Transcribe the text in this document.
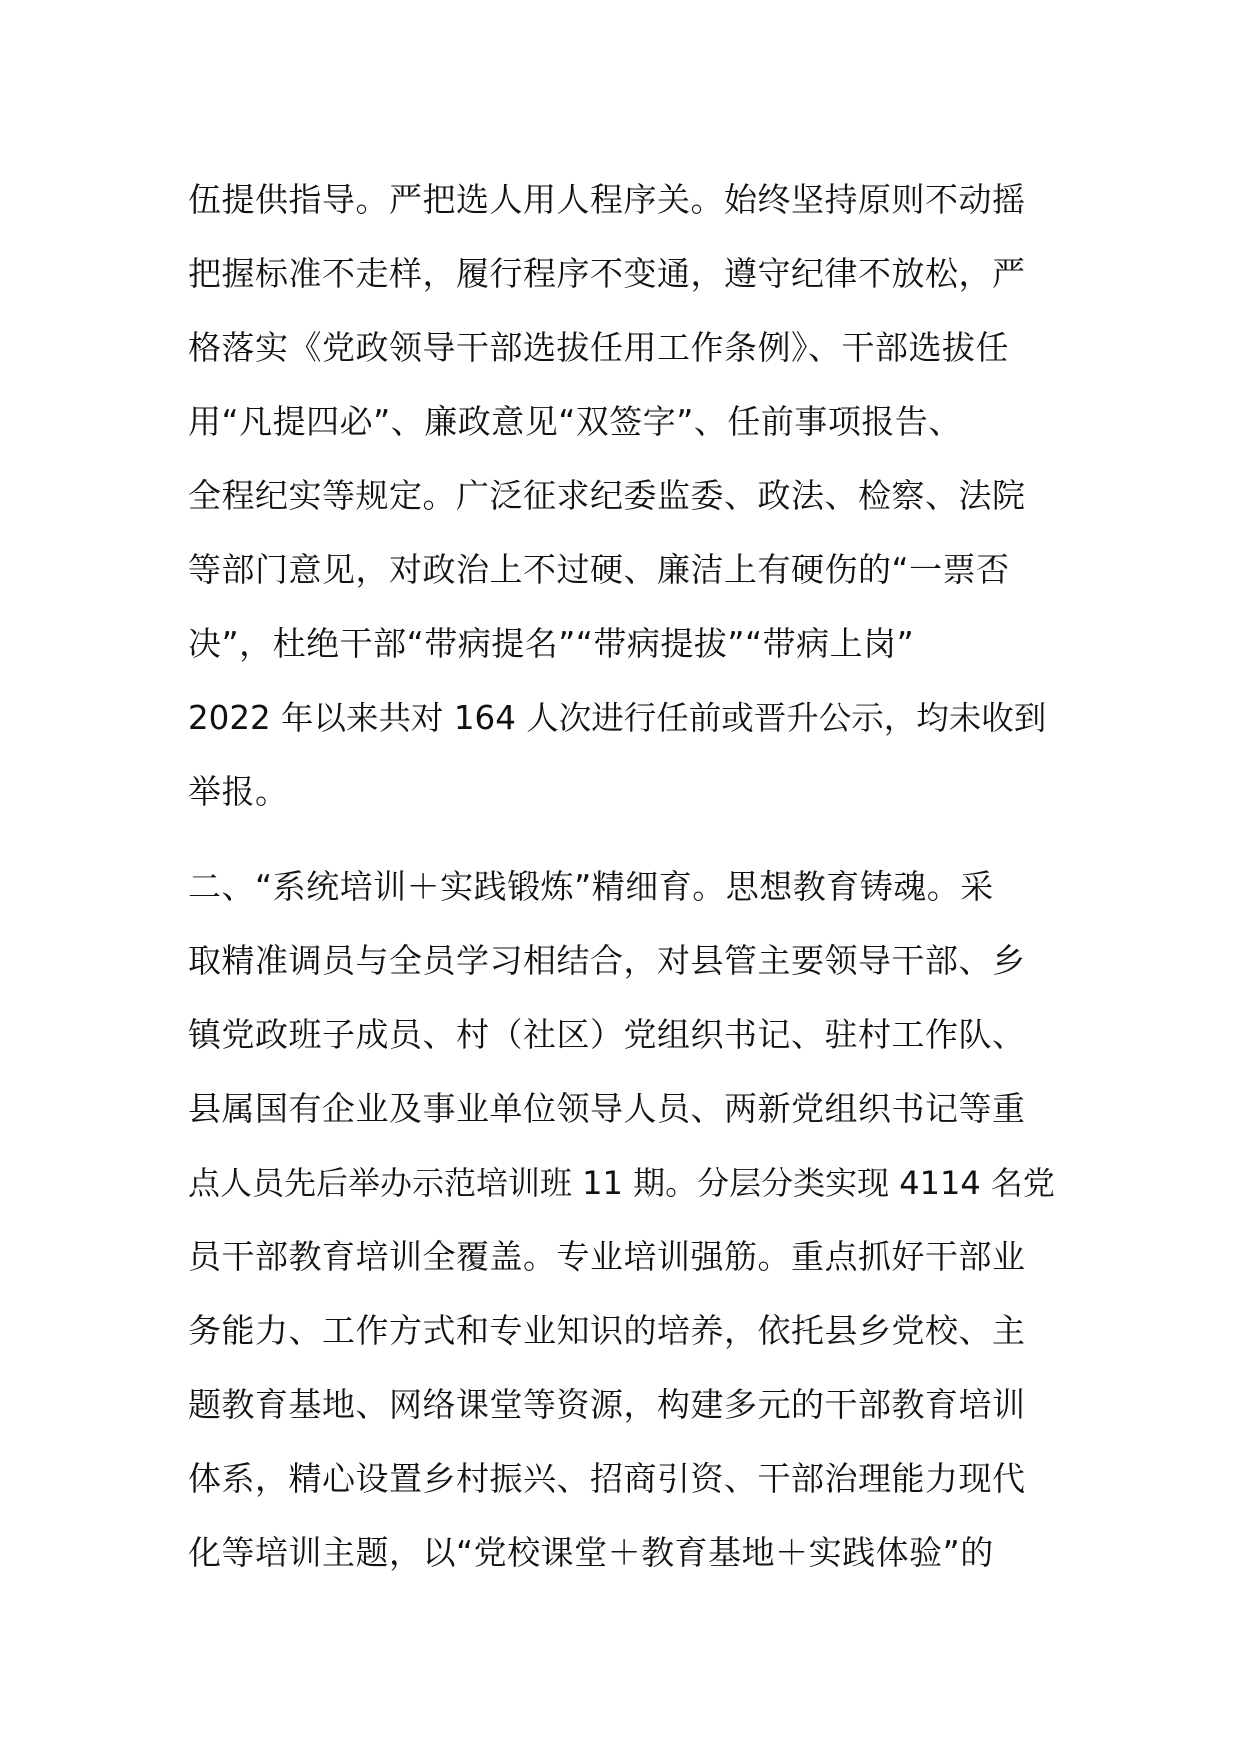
伍提供指导。严把选人用人程序关。始终坚持原则不动摇
把握标准不走样，履行程序不变通，遵守纪律不放松，严
格落实《党政领导干部选拔任用工作条例》、干部选拔任
用“凡提四必”、廉政意见“双签字”、任前事项报告、
全程纪实等规定。广泛征求纪委监委、政法、检察、法院
等部门意见，对政治上不过硬、廉洁上有硬伤的“一票否
决”，杜绝干部“带病提名”“带病提拔”“带病上岗”
2022 年以来共对 164 人次进行任前或晋升公示，均未收到
举报。
二、“系统培训＋实践锻炼”精细育。思想教育铸魂。采
取精准调员与全员学习相结合，对县管主要领导干部、乡
镇党政班子成员、村（社区）党组织书记、驻村工作队、
县属国有企业及事业单位领导人员、两新党组织书记等重
点人员先后举办示范培训班 11 期。分层分类实现 4114 名党
员干部教育培训全覆盖。专业培训强筋。重点抓好干部业
务能力、工作方式和专业知识的培养，依托县乡党校、主
题教育基地、网络课堂等资源，构建多元的干部教育培训
体系，精心设置乡村振兴、招商引资、干部治理能力现代
化等培训主题，以“党校课堂＋教育基地＋实践体验”的
